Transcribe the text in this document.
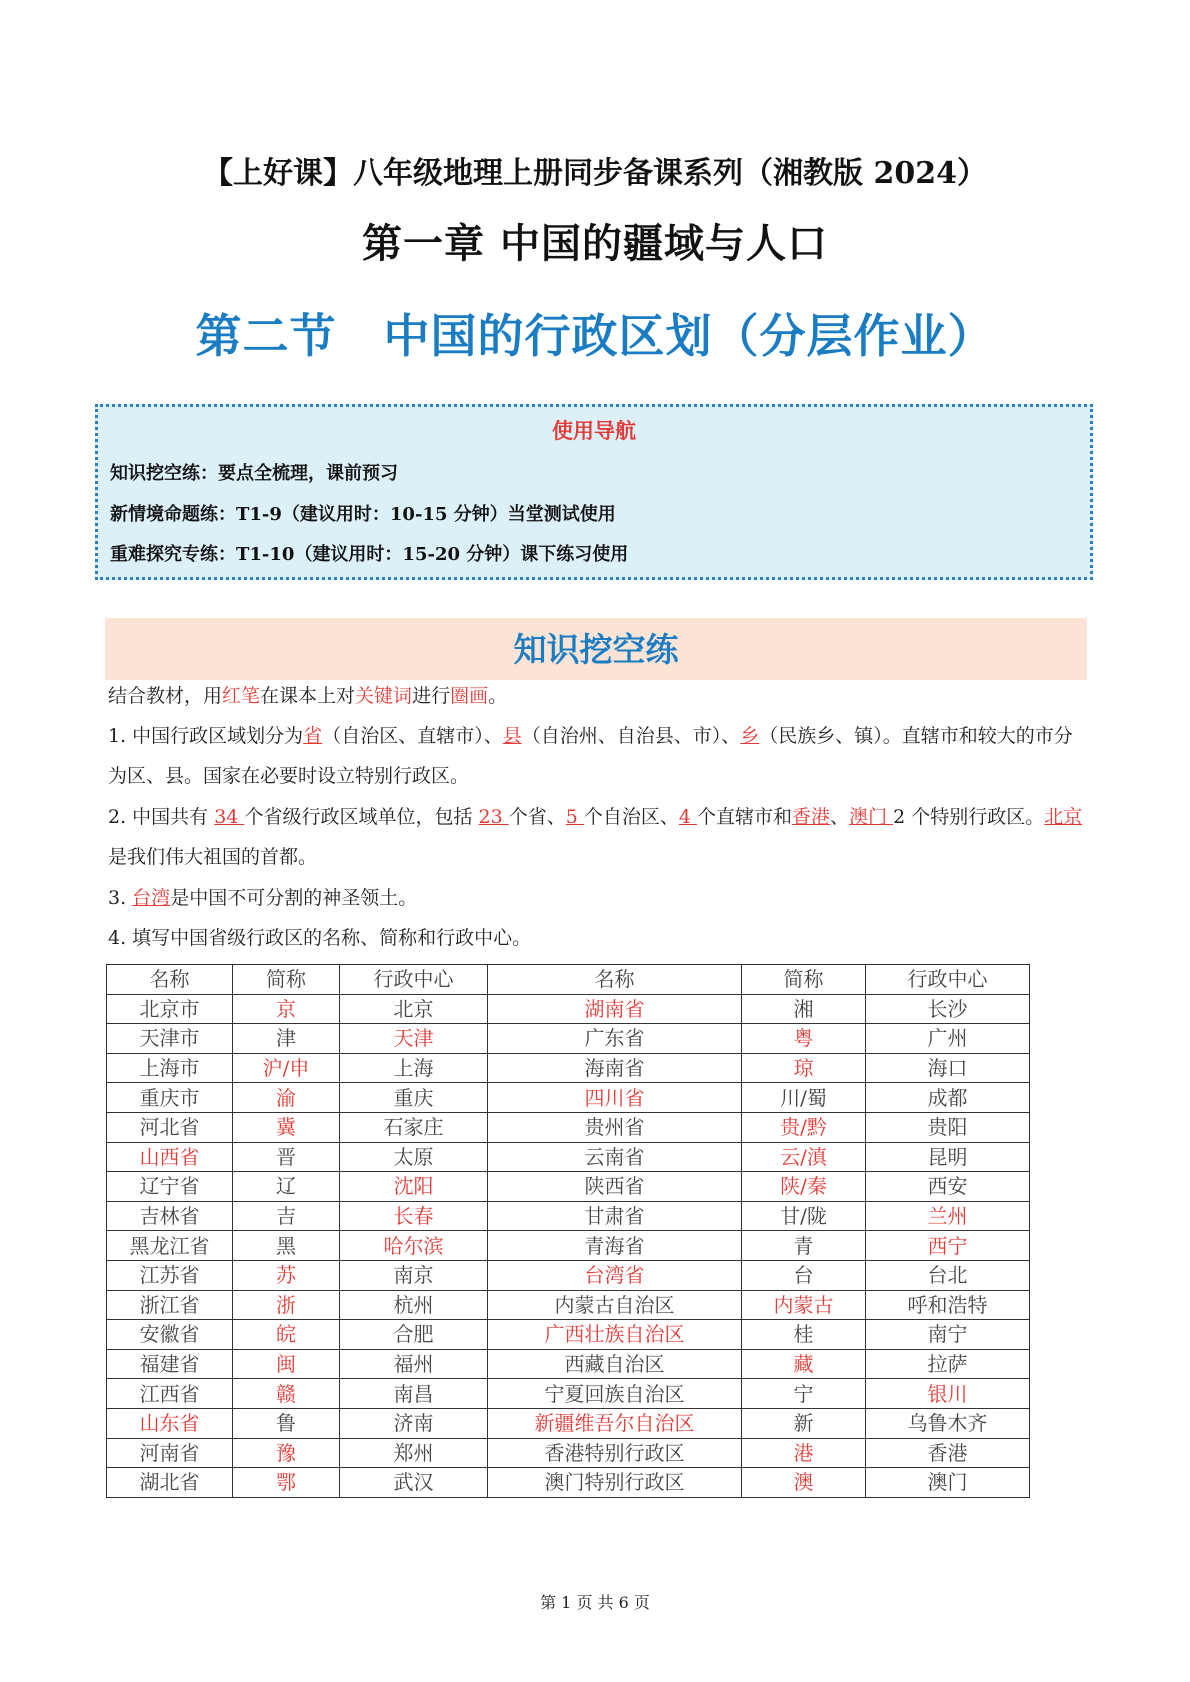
【上好课】八年级地理上册同步备课系列（湘教版 2024）
第一章 中国的疆域与人口
第二节　中国的行政区划（分层作业）
使用导航
知识挖空练：要点全梳理，课前预习
新情境命题练：T1-9（建议用时：10-15 分钟）当堂测试使用
重难探究专练：T1-10（建议用时：15-20 分钟）课下练习使用
知识挖空练
结合教材，用红笔在课本上对关键词进行圈画。
1. 中国行政区域划分为省（自治区、直辖市）、县（自治州、自治县、市）、乡（民族乡、镇）。直辖市和较大的市分为区、县。国家在必要时设立特别行政区。
2. 中国共有 34 个省级行政区域单位，包括 23 个省、5 个自治区、4 个直辖市和香港、澳门 2 个特别行政区。北京是我们伟大祖国的首都。
3. 台湾是中国不可分割的神圣领土。
4. 填写中国省级行政区的名称、简称和行政中心。
名称	简称	行政中心	名称	简称	行政中心
北京市	京	北京	湖南省	湘	长沙
天津市	津	天津	广东省	粤	广州
上海市	沪/申	上海	海南省	琼	海口
重庆市	渝	重庆	四川省	川/蜀	成都
河北省	冀	石家庄	贵州省	贵/黔	贵阳
山西省	晋	太原	云南省	云/滇	昆明
辽宁省	辽	沈阳	陕西省	陕/秦	西安
吉林省	吉	长春	甘肃省	甘/陇	兰州
黑龙江省	黑	哈尔滨	青海省	青	西宁
江苏省	苏	南京	台湾省	台	台北
浙江省	浙	杭州	内蒙古自治区	内蒙古	呼和浩特
安徽省	皖	合肥	广西壮族自治区	桂	南宁
福建省	闽	福州	西藏自治区	藏	拉萨
江西省	赣	南昌	宁夏回族自治区	宁	银川
山东省	鲁	济南	新疆维吾尔自治区	新	乌鲁木齐
河南省	豫	郑州	香港特别行政区	港	香港
湖北省	鄂	武汉	澳门特别行政区	澳	澳门
第 1 页 共 6 页
